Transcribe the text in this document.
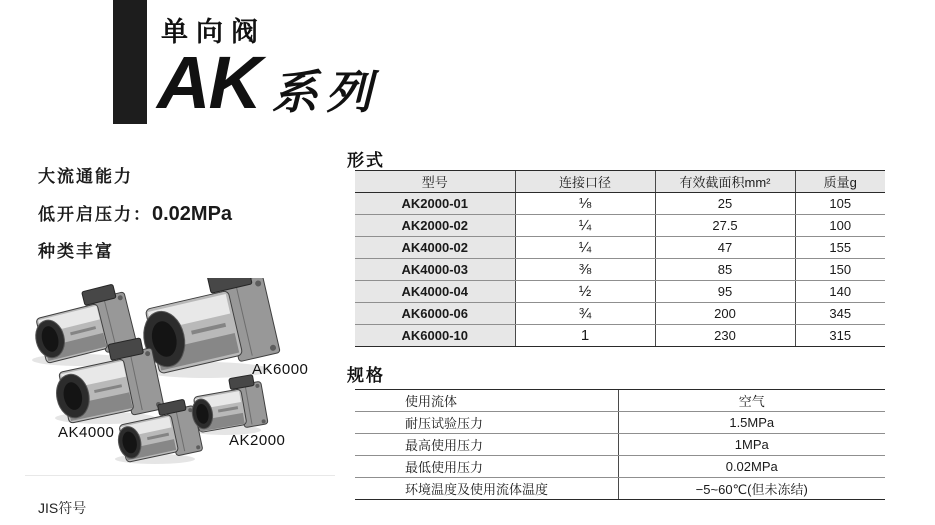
单向阀
AK 系列
大流通能力
低开启压力：0.02MPa
种类丰富
AK6000
AK4000	AK2000
JIS符号
形式
型号	连接口径	有效截面积mm²	质量g
AK2000-01	⅛	25	105
AK2000-02	¼	27.5	100
AK4000-02	¼	47	155
AK4000-03	⅜	85	150
AK4000-04	½	95	140
AK6000-06	¾	200	345
AK6000-10	1	230	315
规格
使用流体	空气
耐压试验压力	1.5MPa
最高使用压力	1MPa
最低使用压力	0.02MPa
环境温度及使用流体温度	−5~60℃(但未冻结)
